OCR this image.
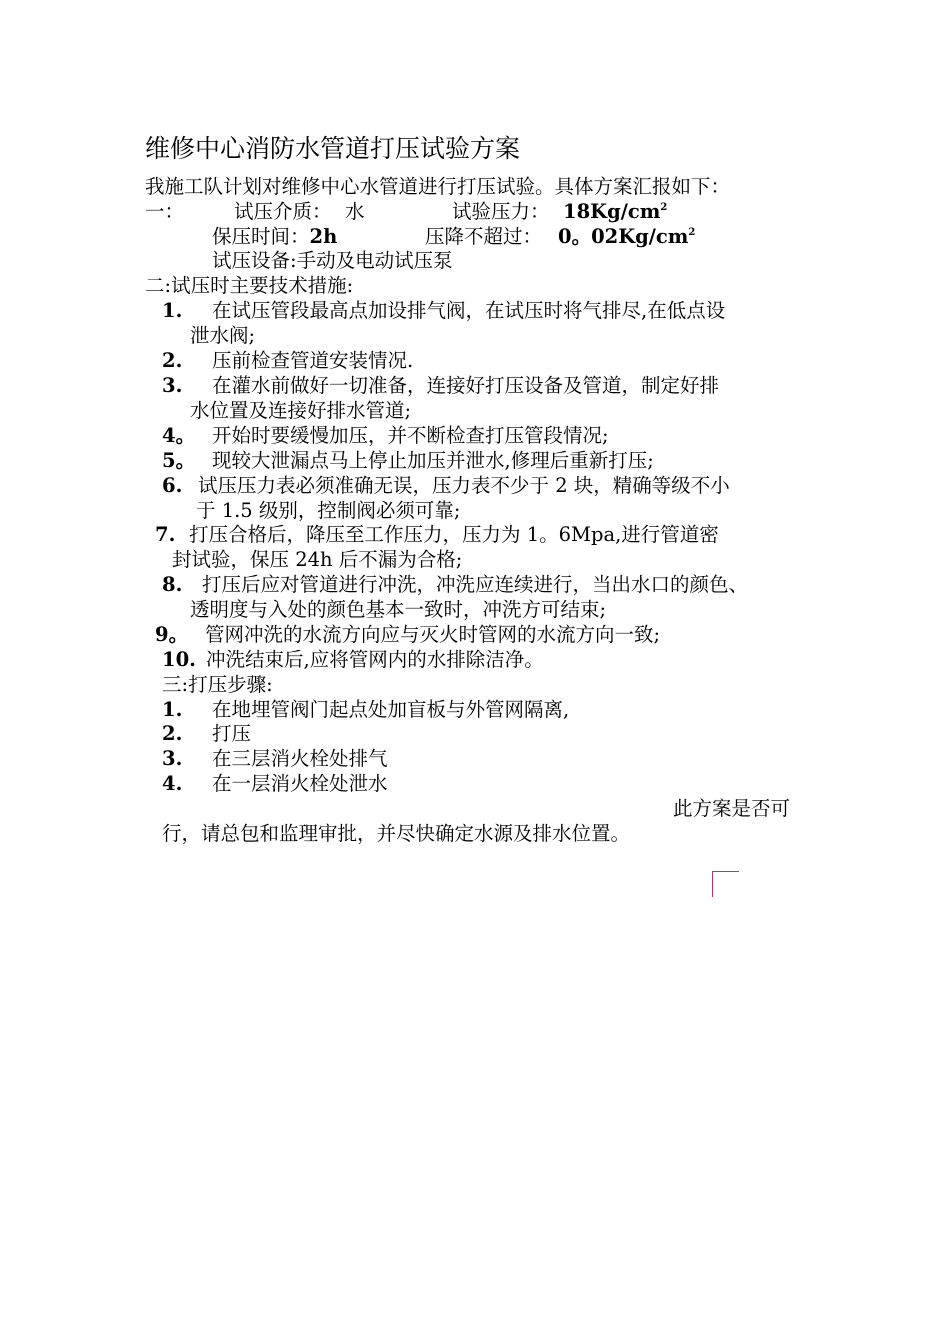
维修中心消防水管道打压试验方案
我施工队计划对维修中心水管道进行打压试验。具体方案汇报如下：
一：	试压介质： 水	试验压力： $18Kg/cm^2$
保压时间：2h	压降不超过： 0。$02Kg/cm^2$
试压设备:手动及电动试压泵
二:试压时主要技术措施:
1. 在试压管段最高点加设排气阀，在试压时将气排尽,在低点设
泄水阀;
2. 压前检查管道安装情况.
3. 在灌水前做好一切准备，连接好打压设备及管道，制定好排
水位置及连接好排水管道;
4。 开始时要缓慢加压，并不断检查打压管段情况;
5。 现较大泄漏点马上停止加压并泄水,修理后重新打压;
6. 试压压力表必须准确无误，压力表不少于 2 块，精确等级不小
于 1.5 级别，控制阀必须可靠;
7. 打压合格后，降压至工作压力，压力为 1。6Mpa,进行管道密
封试验，保压 24h 后不漏为合格;
8. 打压后应对管道进行冲洗，冲洗应连续进行，当出水口的颜色、
透明度与入处的颜色基本一致时，冲洗方可结束;
9。 管网冲洗的水流方向应与灭火时管网的水流方向一致;
10. 冲洗结束后,应将管网内的水排除洁净。
三:打压步骤:
1. 在地埋管阀门起点处加盲板与外管网隔离,
2. 打压
3. 在三层消火栓处排气
4. 在一层消火栓处泄水
此方案是否可
行，请总包和监理审批，并尽快确定水源及排水位置。
